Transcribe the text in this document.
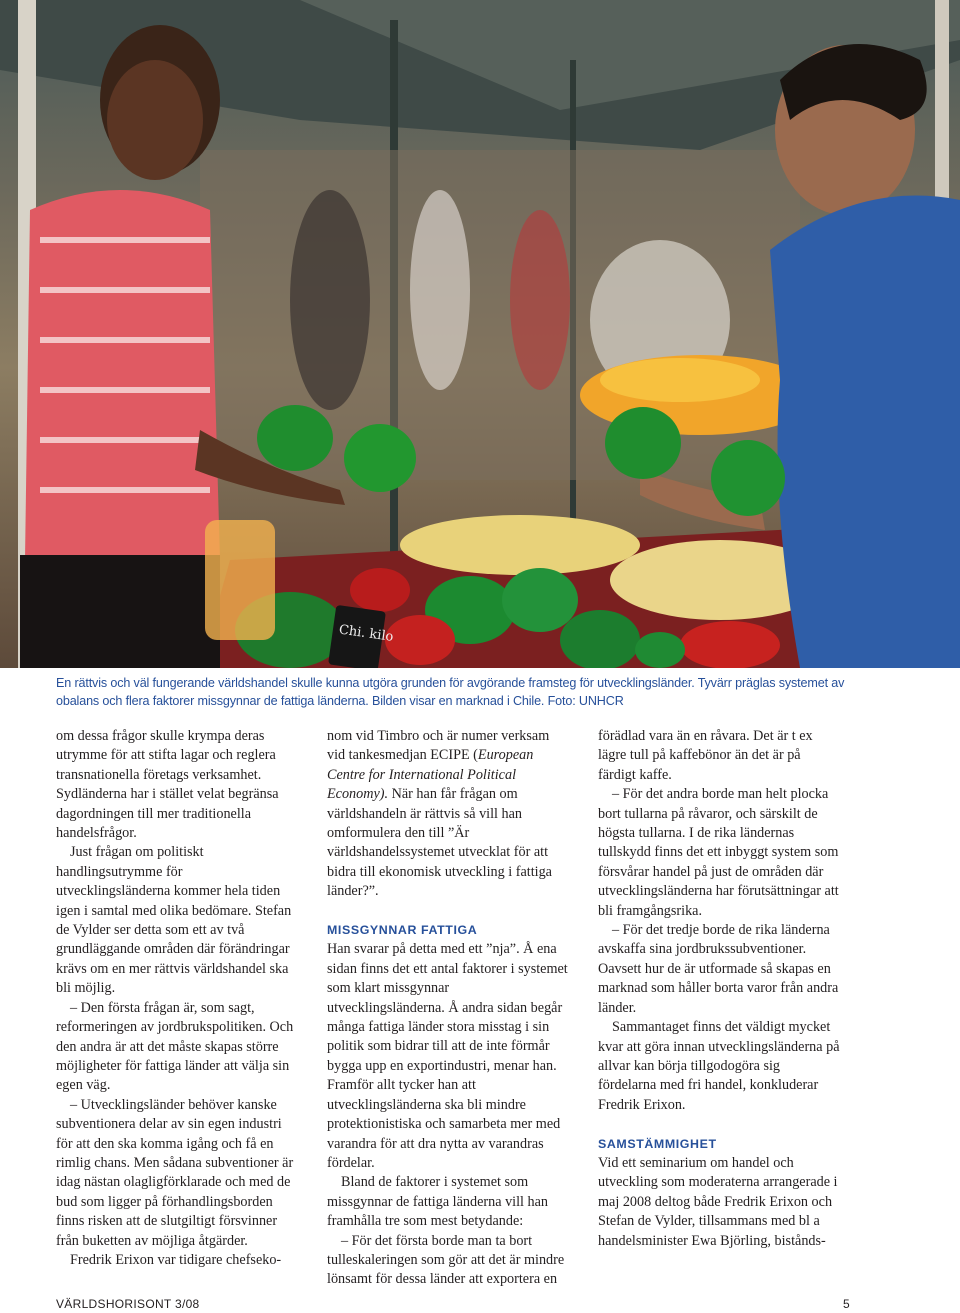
Chi. kilo

En rättvis och väl fungerande världshandel skulle kunna utgöra grunden för avgörande framsteg för utvecklingsländer. Tyvärr präglas systemet av

obalans och flera faktorer missgynnar de fattiga länderna. Bilden visar en marknad i Chile. Foto: UNHCR

om dessa frågor skulle krympa deras utrymme för att stifta lagar och reglera transnationella företags verksamhet. Sydländerna har i stället velat begränsa dagordningen till mer traditionella handelsfrågor.

Just frågan om politiskt handlingsutrymme för utvecklingsländerna kommer hela tiden igen i samtal med olika bedömare. Stefan de Vylder ser detta som ett av två grundläggande områden där förändringar krävs om en mer rättvis världshandel ska bli möjlig.

– Den första frågan är, som sagt, reformeringen av jordbrukspolitiken. Och den andra är att det måste skapas större möjligheter för fattiga länder att välja sin egen väg.

– Utvecklingsländer behöver kanske subventionera delar av sin egen industri för att den ska komma igång och få en rimlig chans. Men sådana subventioner är idag nästan olagligförklarade och med de bud som ligger på förhandlingsborden finns risken att de slutgiltigt försvinner från buketten av möjliga åtgärder.

Fredrik Erixon var tidigare chefseko-

nom vid Timbro och är numer verksam vid tankesmedjan ECIPE (European Centre for International Political Economy). När han får frågan om världshandeln är rättvis så vill han omformulera den till ”Är världshandelssystemet utvecklat för att bidra till ekonomisk utveckling i fattiga länder?”.

MISSGYNNAR FATTIGA

Han svarar på detta med ett ”nja”. Å ena sidan finns det ett antal faktorer i systemet som klart missgynnar utvecklingsländerna. Å andra sidan begår många fattiga länder stora misstag i sin politik som bidrar till att de inte förmår bygga upp en exportindustri, menar han. Framför allt tycker han att utvecklingsländerna ska bli mindre protektionistiska och samarbeta mer med varandra för att dra nytta av varandras fördelar.

Bland de faktorer i systemet som missgynnar de fattiga länderna vill han framhålla tre som mest betydande:

– För det första borde man ta bort tulleskaleringen som gör att det är mindre lönsamt för dessa länder att exportera en

förädlad vara än en råvara. Det är t ex lägre tull på kaffebönor än det är på färdigt kaffe.

– För det andra borde man helt plocka bort tullarna på råvaror, och särskilt de högsta tullarna. I de rika ländernas tullskydd finns det ett inbyggt system som försvårar handel på just de områden där utvecklingsländerna har förutsättningar att bli framgångsrika.

– För det tredje borde de rika länderna avskaffa sina jordbrukssubventioner. Oavsett hur de är utformade så skapas en marknad som håller borta varor från andra länder.

Sammantaget finns det väldigt mycket kvar att göra innan utvecklingsländerna på allvar kan börja tillgodogöra sig fördelarna med fri handel, konkluderar Fredrik Erixon.

SAMSTÄMMIGHET

Vid ett seminarium om handel och utveckling som moderaterna arrangerade i maj 2008 deltog både Fredrik Erixon och Stefan de Vylder, tillsammans med bl a handelsminister Ewa Björling, bistånds-

VÄRLDSHORISONT 3/08	5
